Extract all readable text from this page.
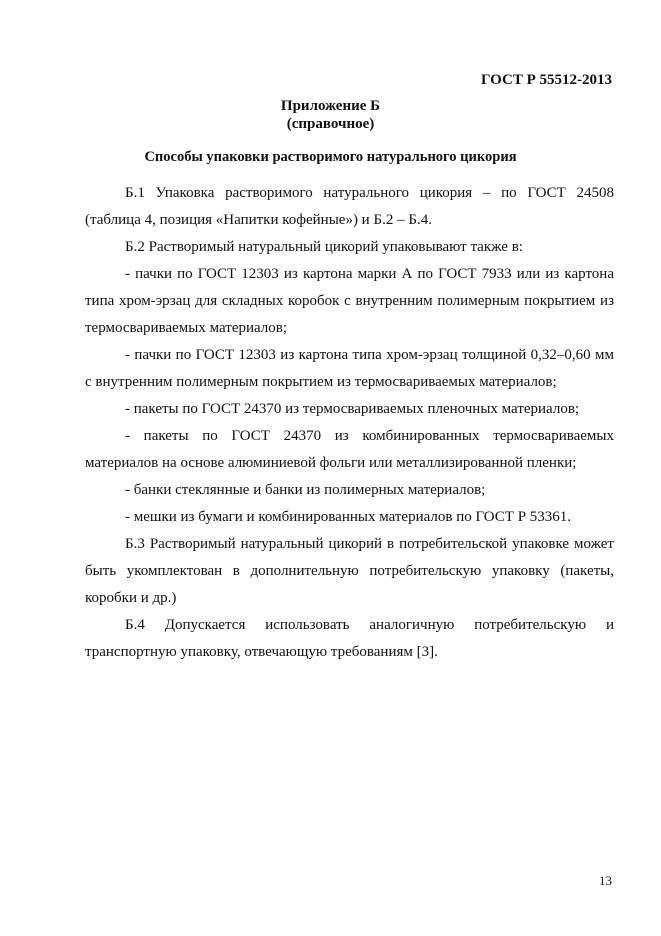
ГОСТ Р 55512-2013
Приложение Б
(справочное)
Способы упаковки растворимого натурального цикория

Б.1 Упаковка растворимого натурального цикория – по ГОСТ 24508 (таблица 4, позиция «Напитки кофейные») и Б.2 – Б.4.

Б.2 Растворимый натуральный цикорий упаковывают также в:

- пачки по ГОСТ 12303 из картона марки А по ГОСТ 7933 или из картона типа хром-эрзац для складных коробок с внутренним полимерным покрытием из термосвариваемых материалов;

- пачки по ГОСТ 12303 из картона типа хром-эрзац толщиной 0,32–0,60 мм с внутренним полимерным покрытием из термосвариваемых материалов;

- пакеты по ГОСТ 24370 из термосвариваемых пленочных материалов;

- пакеты по ГОСТ 24370 из комбинированных термосвариваемых материалов на основе алюминиевой фольги или металлизированной пленки;

- банки стеклянные и банки из полимерных материалов;

- мешки из бумаги и комбинированных материалов по ГОСТ Р 53361.

Б.3 Растворимый натуральный цикорий в потребительской упаковке может быть укомплектован в дополнительную потребительскую упаковку (пакеты, коробки и др.)

Б.4 Допускается использовать аналогичную потребительскую и транспортную упаковку, отвечающую требованиям [3].

13
